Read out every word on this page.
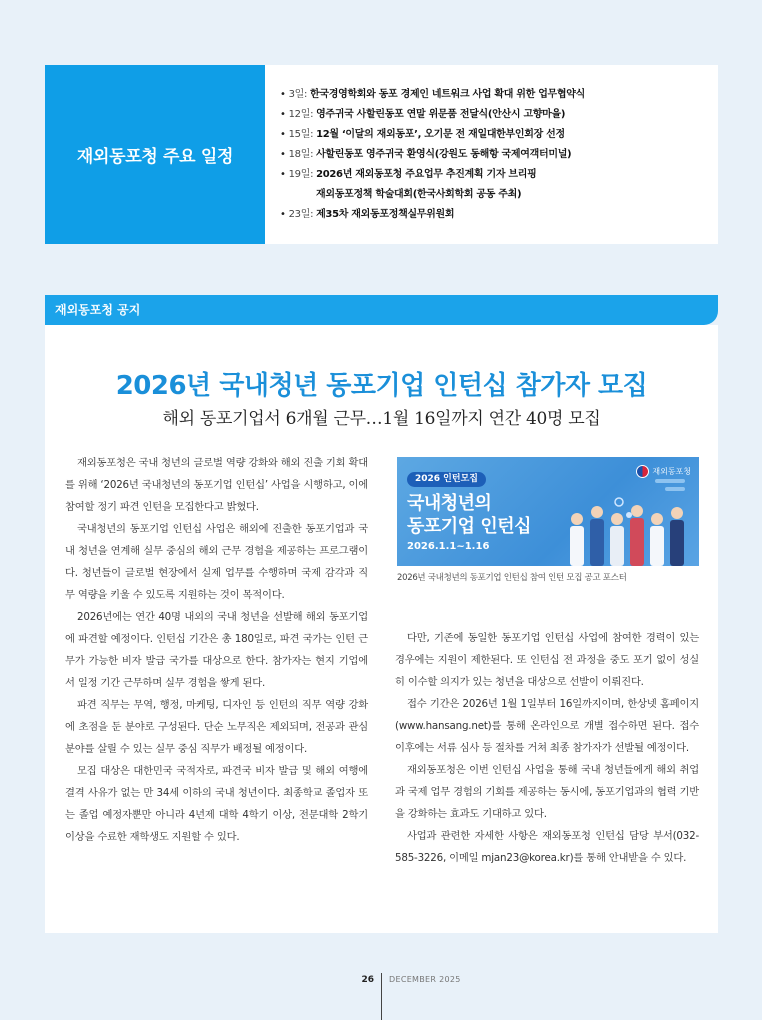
재외동포청 주요 일정
• 3일: 한국경영학회와 동포 경제인 네트워크 사업 확대 위한 업무협약식
• 12일: 영주귀국 사할린동포 연말 위문품 전달식(안산시 고향마을)
• 15일: 12월 ‘이달의 재외동포’, 오기문 전 재일대한부인회장 선정
• 18일: 사할린동포 영주귀국 환영식(강원도 동해항 국제여객터미널)
• 19일: 2026년 재외동포청 주요업무 추진계획 기자 브리핑
재외동포정책 학술대회(한국사회학회 공동 주최)
• 23일: 제35차 재외동포정책실무위원회
재외동포청 공지
2026년 국내청년 동포기업 인턴십 참가자 모집
해외 동포기업서 6개월 근무…1월 16일까지 연간 40명 모집

재외동포청은 국내 청년의 글로벌 역량 강화와 해외 진출 기회 확대를 위해 ‘2026년 국내청년의 동포기업 인턴십’ 사업을 시행하고, 이에 참여할 정기 파견 인턴을 모집한다고 밝혔다.

국내청년의 동포기업 인턴십 사업은 해외에 진출한 동포기업과 국내 청년을 연계해 실무 중심의 해외 근무 경험을 제공하는 프로그램이다. 청년들이 글로벌 현장에서 실제 업무를 수행하며 국제 감각과 직무 역량을 키울 수 있도록 지원하는 것이 목적이다.

2026년에는 연간 40명 내외의 국내 청년을 선발해 해외 동포기업에 파견할 예정이다. 인턴십 기간은 총 180일로, 파견 국가는 인턴 근무가 가능한 비자 발급 국가를 대상으로 한다. 참가자는 현지 기업에서 일정 기간 근무하며 실무 경험을 쌓게 된다.

파견 직무는 무역, 행정, 마케팅, 디자인 등 인턴의 직무 역량 강화에 초점을 둔 분야로 구성된다. 단순 노무직은 제외되며, 전공과 관심 분야를 살릴 수 있는 실무 중심 직무가 배정될 예정이다.

모집 대상은 대한민국 국적자로, 파견국 비자 발급 및 해외 여행에 결격 사유가 없는 만 34세 이하의 국내 청년이다. 최종학교 졸업자 또는 졸업 예정자뿐만 아니라 4년제 대학 4학기 이상, 전문대학 2학기 이상을 수료한 재학생도 지원할 수 있다.

재외동포청
2026 인턴모집
국내청년의
동포기업 인턴십
2026.1.1~1.16
2026년 국내청년의 동포기업 인턴십 참여 인턴 모집 공고 포스터

다만, 기존에 동일한 동포기업 인턴십 사업에 참여한 경력이 있는 경우에는 지원이 제한된다. 또 인턴십 전 과정을 중도 포기 없이 성실히 이수할 의지가 있는 청년을 대상으로 선발이 이뤄진다.

접수 기간은 2026년 1월 1일부터 16일까지이며, 한상넷 홈페이지(www.hansang.net)를 통해 온라인으로 개별 접수하면 된다. 접수 이후에는 서류 심사 등 절차를 거쳐 최종 참가자가 선발될 예정이다.

재외동포청은 이번 인턴십 사업을 통해 국내 청년들에게 해외 취업과 국제 업무 경험의 기회를 제공하는 동시에, 동포기업과의 협력 기반을 강화하는 효과도 기대하고 있다.

사업과 관련한 자세한 사항은 재외동포청 인턴십 담당 부서(032-585-3226, 이메일 mjan23@korea.kr)를 통해 안내받을 수 있다.

26 DECEMBER 2025
